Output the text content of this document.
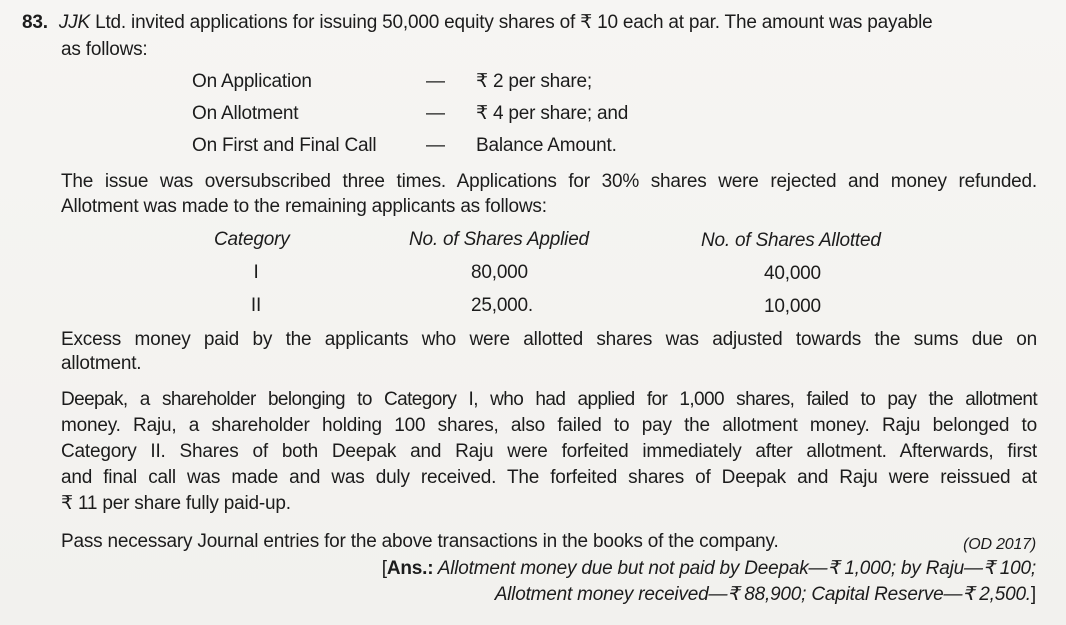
83. JJK Ltd. invited applications for issuing 50,000 equity shares of ₹ 10 each at par. The amount was payable
as follows:
On Application	— ₹ 2 per share;
On Allotment	— ₹ 4 per share; and
On First and Final Call	— Balance Amount.
The issue was oversubscribed three times. Applications for 30% shares were rejected and money refunded.
Allotment was made to the remaining applicants as follows:
Category	No. of Shares Applied	No. of Shares Allotted
I	80,000	40,000
II	25,000.	10,000
Excess money paid by the applicants who were allotted shares was adjusted towards the sums due on
allotment.
Deepak, a shareholder belonging to Category I, who had applied for 1,000 shares, failed to pay the allotment
money. Raju, a shareholder holding 100 shares, also failed to pay the allotment money. Raju belonged to
Category II. Shares of both Deepak and Raju were forfeited immediately after allotment. Afterwards, first
and final call was made and was duly received. The forfeited shares of Deepak and Raju were reissued at
₹ 11 per share fully paid-up.
Pass necessary Journal entries for the above transactions in the books of the company.	(OD 2017)
[Ans.: Allotment money due but not paid by Deepak—₹ 1,000; by Raju—₹ 100;
Allotment money received—₹ 88,900; Capital Reserve—₹ 2,500.]
